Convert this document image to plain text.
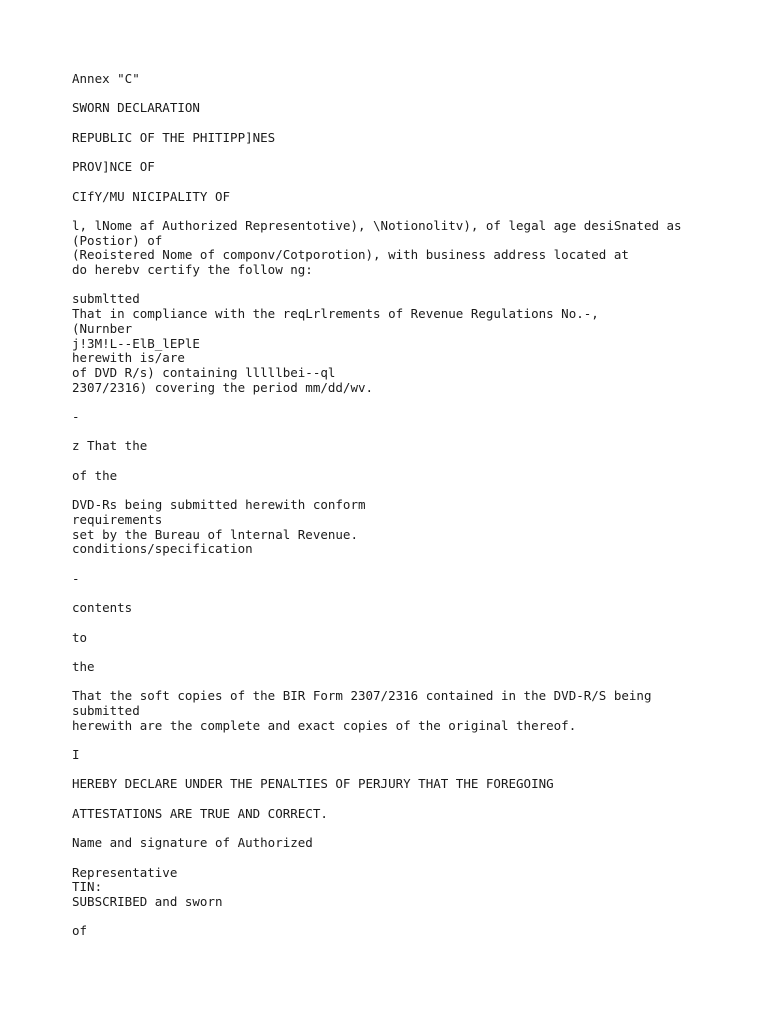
Annex "C"
SWORN DECLARATION
REPUBLIC OF THE PHITIPP]NES
PROV]NCE OF
CIfY/MU NICIPALITY OF
l, lNome af Authorized Representotive), \Notionolitv), of legal age desiSnated as
(Postior) of
(Reoistered Nome of componv/Cotporotion), with business address located at
do herebv certify the follow ng:
submltted
That in compliance with the reqLrlrements of Revenue Regulations No.-,
(Nurnber
j!3M!L--ElB_lEPlE
herewith is/are
of DVD R/s) containing lllllbei--ql
2307/2316) covering the period mm/dd/wv.
-
z That the
of the
DVD-Rs being submitted herewith conform
requirements
set by the Bureau of lnternal Revenue.
conditions/specification
-
contents
to
the
That the soft copies of the BIR Form 2307/2316 contained in the DVD-R/S being
submitted
herewith are the complete and exact copies of the original thereof.
I
HEREBY DECLARE UNDER THE PENALTIES OF PERJURY THAT THE FOREGOING
ATTESTATIONS ARE TRUE AND CORRECT.
Name and signature of Authorized
Representative
TIN:
SUBSCRIBED and sworn
of
